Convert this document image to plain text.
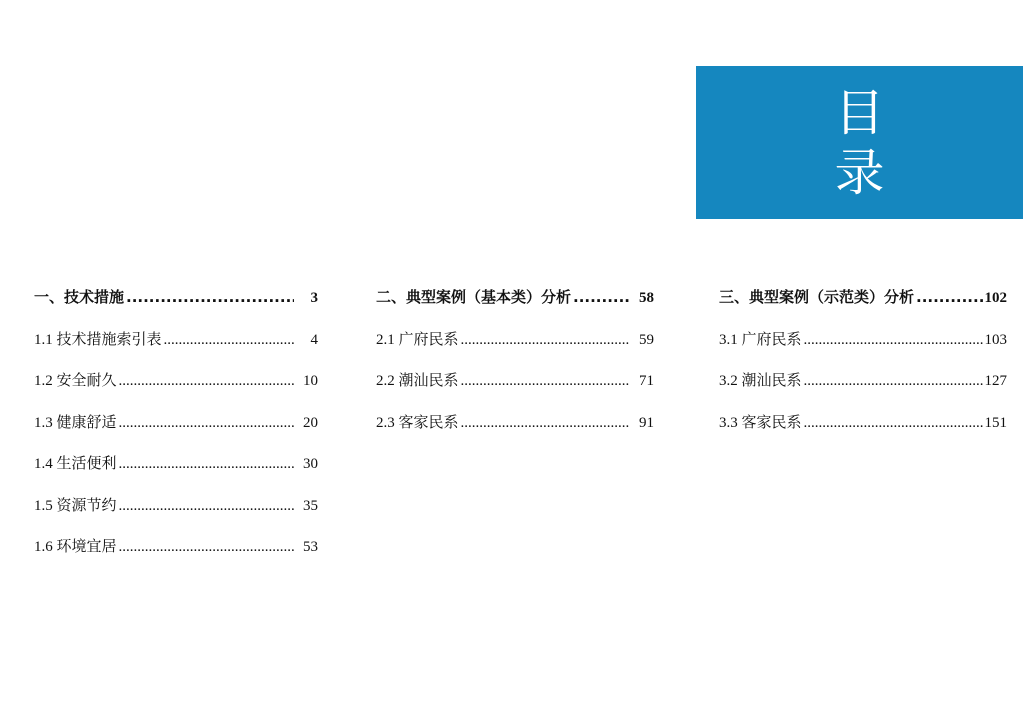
目
录
一、技术措施 .....	3
1.1 技术措施索引表 .....	4
1.2 安全耐久 .....	10
1.3 健康舒适 .....	20
1.4 生活便利 .....	30
1.5 资源节约 .....	35
1.6 环境宜居 .....	53
二、典型案例（基本类）分析 .....	58
2.1 广府民系 .....	59
2.2 潮汕民系 .....	71
2.3 客家民系 .....	91
三、典型案例（示范类）分析 .....	102
3.1 广府民系 .....	103
3.2 潮汕民系 .....	127
3.3 客家民系 .....	151
